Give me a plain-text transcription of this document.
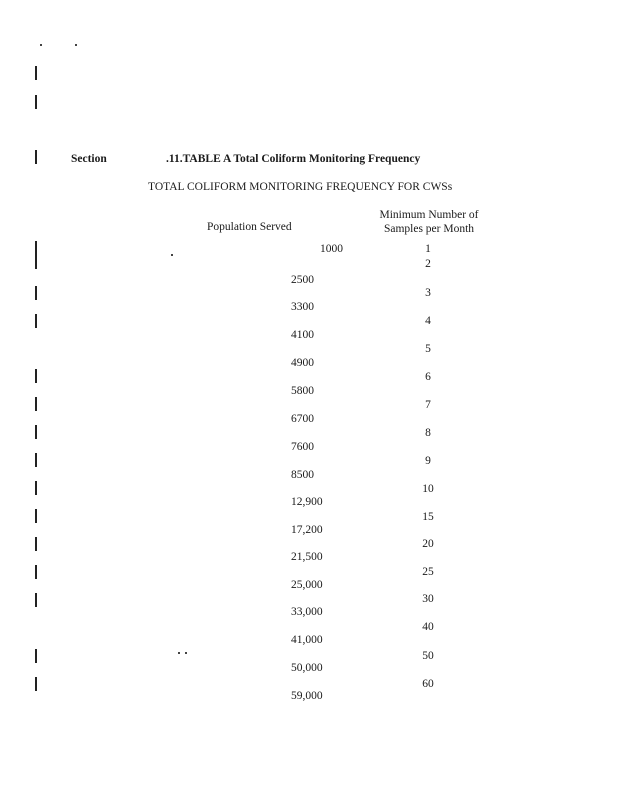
Section	.11.TABLE A Total Coliform Monitoring Frequency
TOTAL COLIFORM MONITORING FREQUENCY FOR CWSs
Population Served
Minimum Number of
Samples per Month
1000
2500
3300
4100
4900
5800
6700
7600
8500
12,900
17,200
21,500
25,000
33,000
41,000
50,000
59,000
1
2
3
4
5
6
7
8
9
10
15
20
25
30
40
50
60
